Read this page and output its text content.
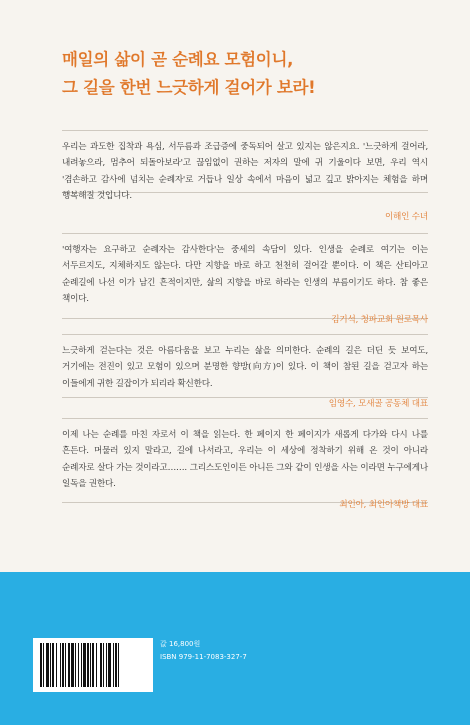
매일의 삶이 곧 순례요 모험이니,
그 길을 한번 느긋하게 걸어가 보라!
우리는 과도한 집착과 욕심, 서두름과 조급증에 중독되어 살고 있지는 않은지요. '느긋하게 걸어라, 내려놓으라, 멈추어 되돌아보라'고 끊임없이 권하는 저자의 말에 귀 기울이다 보면, 우리 역시 '겸손하고 감사에 넘치는 순례자'로 거듭나 일상 속에서 마음이 넓고 깊고 밝아지는 체험을 하며 행복해질 것입니다.
이해인 수녀
'여행자는 요구하고 순례자는 감사한다'는 중세의 속담이 있다. 인생을 순례로 여기는 이는 서두르지도, 지체하지도 않는다. 다만 지향을 바로 하고 천천히 걸어갈 뿐이다. 이 책은 산티아고 순례길에 나선 이가 남긴 흔적이지만, 삶의 지향을 바로 하라는 인생의 부름이기도 하다. 참 좋은 책이다.
김기석, 청파교회 원로목사
느긋하게 걷는다는 것은 아름다움을 보고 누리는 삶을 의미한다. 순례의 길은 더딘 듯 보여도, 거기에는 전진이 있고 모험이 있으며 분명한 향방(向方)이 있다. 이 책이 참된 길을 걷고자 하는 이들에게 귀한 길잡이가 되리라 확신한다.
임영수, 모새골 공동체 대표
이제 나는 순례를 마친 자로서 이 책을 읽는다. 한 페이지 한 페이지가 새롭게 다가와 다시 나를 흔든다. 머물러 있지 말라고, 길에 나서라고, 우리는 이 세상에 정착하기 위해 온 것이 아니라 순례자로 살다 가는 것이라고……. 그리스도인이든 아니든 그와 같이 인생을 사는 이라면 누구에게나 일독을 권한다.
최인아, 최인아책방 대표
값 16,800원
ISBN 979-11-7083-327-7
